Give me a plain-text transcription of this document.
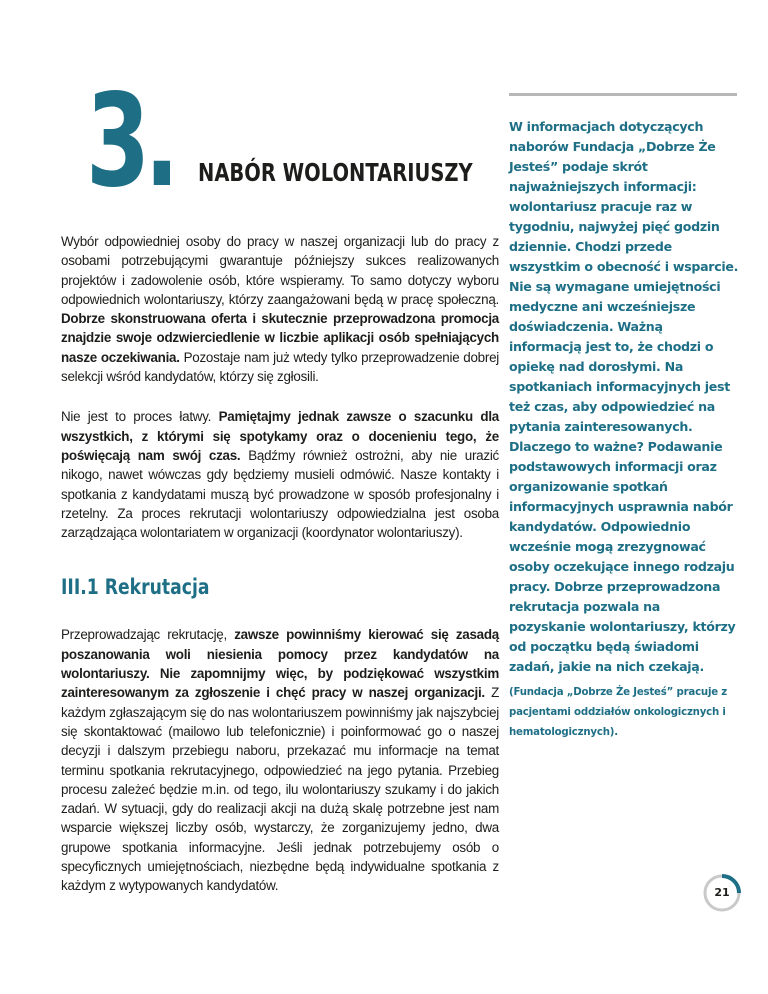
3. NABÓR WOLONTARIUSZY

Wybór odpowiedniej osoby do pracy w naszej organizacji lub do pracy z osobami potrzebującymi gwarantuje późniejszy sukces realizowanych projektów i zadowolenie osób, które wspieramy. To samo dotyczy wyboru odpowiednich wolontariuszy, którzy zaangażowani będą w pracę społeczną. Dobrze skonstruowana oferta i skutecznie przeprowadzona promocja znajdzie swoje odzwierciedlenie w liczbie aplikacji osób spełniających nasze oczekiwania. Pozostaje nam już wtedy tylko przeprowadzenie dobrej selekcji wśród kandydatów, którzy się zgłosili.

Nie jest to proces łatwy. Pamiętajmy jednak zawsze o szacunku dla wszystkich, z którymi się spotykamy oraz o docenieniu tego, że poświęcają nam swój czas. Bądźmy również ostrożni, aby nie urazić nikogo, nawet wówczas gdy będziemy musieli odmówić. Nasze kontakty i spotkania z kandydatami muszą być prowadzone w sposób profesjonalny i rzetelny. Za proces rekrutacji wolontariuszy odpowiedzialna jest osoba zarządzająca wolontariatem w organizacji (koordynator wolontariuszy).

III.1 Rekrutacja

Przeprowadzając rekrutację, zawsze powinniśmy kierować się zasadą poszanowania woli niesienia pomocy przez kandydatów na wolontariuszy. Nie zapomnijmy więc, by podziękować wszystkim zainteresowanym za zgłoszenie i chęć pracy w naszej organizacji. Z każdym zgłaszającym się do nas wolontariuszem powinniśmy jak najszybciej się skontaktować (mailowo lub telefonicznie) i poinformować go o naszej decyzji i dalszym przebiegu naboru, przekazać mu informacje na temat terminu spotkania rekrutacyjnego, odpowiedzieć na jego pytania. Przebieg procesu zależeć będzie m.in. od tego, ilu wolontariuszy szukamy i do jakich zadań. W sytuacji, gdy do realizacji akcji na dużą skalę potrzebne jest nam wsparcie większej liczby osób, wystarczy, że zorganizujemy jedno, dwa grupowe spotkania informacyjne. Jeśli jednak potrzebujemy osób o specyficznych umiejętnościach, niezbędne będą indywidualne spotkania z każdym z wytypowanych kandydatów.

W informacjach dotyczących naborów Fundacja „Dobrze Że Jesteś” podaje skrót najważniejszych informacji: wolontariusz pracuje raz w tygodniu, najwyżej pięć godzin dziennie. Chodzi przede wszystkim o obecność i wsparcie. Nie są wymagane umiejętności medyczne ani wcześniejsze doświadczenia. Ważną informacją jest to, że chodzi o opiekę nad dorosłymi. Na spotkaniach informacyjnych jest też czas, aby odpowiedzieć na pytania zainteresowanych. Dlaczego to ważne? Podawanie podstawowych informacji oraz organizowanie spotkań informacyjnych usprawnia nabór kandydatów. Odpowiednio wcześnie mogą zrezygnować osoby oczekujące innego rodzaju pracy. Dobrze przeprowadzona rekrutacja pozwala na pozyskanie wolontariuszy, którzy od początku będą świadomi zadań, jakie na nich czekają.

(Fundacja „Dobrze Że Jesteś” pracuje z pacjentami oddziałów onkologicznych i hematologicznych).

21
